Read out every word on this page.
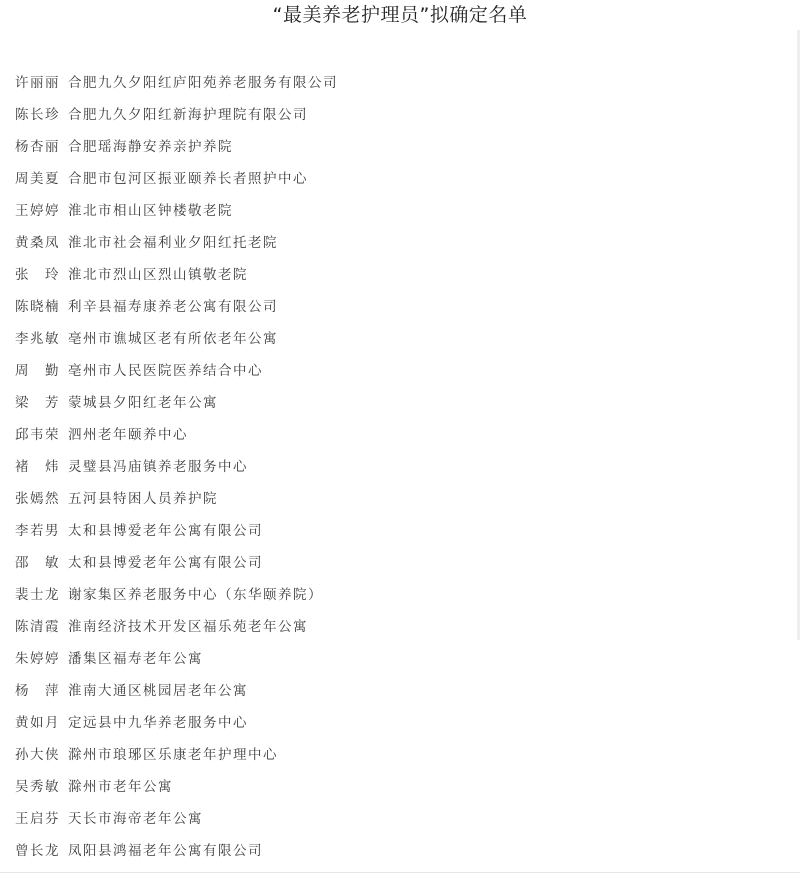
“最美养老护理员”拟确定名单
许丽丽 合肥九久夕阳红庐阳苑养老服务有限公司
陈长珍 合肥九久夕阳红新海护理院有限公司
杨杏丽 合肥瑶海静安养亲护养院
周美夏 合肥市包河区振亚颐养长者照护中心
王婷婷 淮北市相山区钟楼敬老院
黄桑凤 淮北市社会福利业夕阳红托老院
张　玲 淮北市烈山区烈山镇敬老院
陈晓楠 利辛县福寿康养老公寓有限公司
李兆敏 亳州市谯城区老有所依老年公寓
周　勤 亳州市人民医院医养结合中心
梁　芳 蒙城县夕阳红老年公寓
邱韦荣 泗州老年颐养中心
褚　炜 灵璧县冯庙镇养老服务中心
张嫣然 五河县特困人员养护院
李若男 太和县博爱老年公寓有限公司
邵　敏 太和县博爱老年公寓有限公司
裴士龙 谢家集区养老服务中心（东华颐养院）
陈清霞 淮南经济技术开发区福乐苑老年公寓
朱婷婷 潘集区福寿老年公寓
杨　萍 淮南大通区桃园居老年公寓
黄如月 定远县中九华养老服务中心
孙大侠 滁州市琅琊区乐康老年护理中心
吴秀敏 滁州市老年公寓
王启芬 天长市海帝老年公寓
曾长龙 凤阳县鸿福老年公寓有限公司
